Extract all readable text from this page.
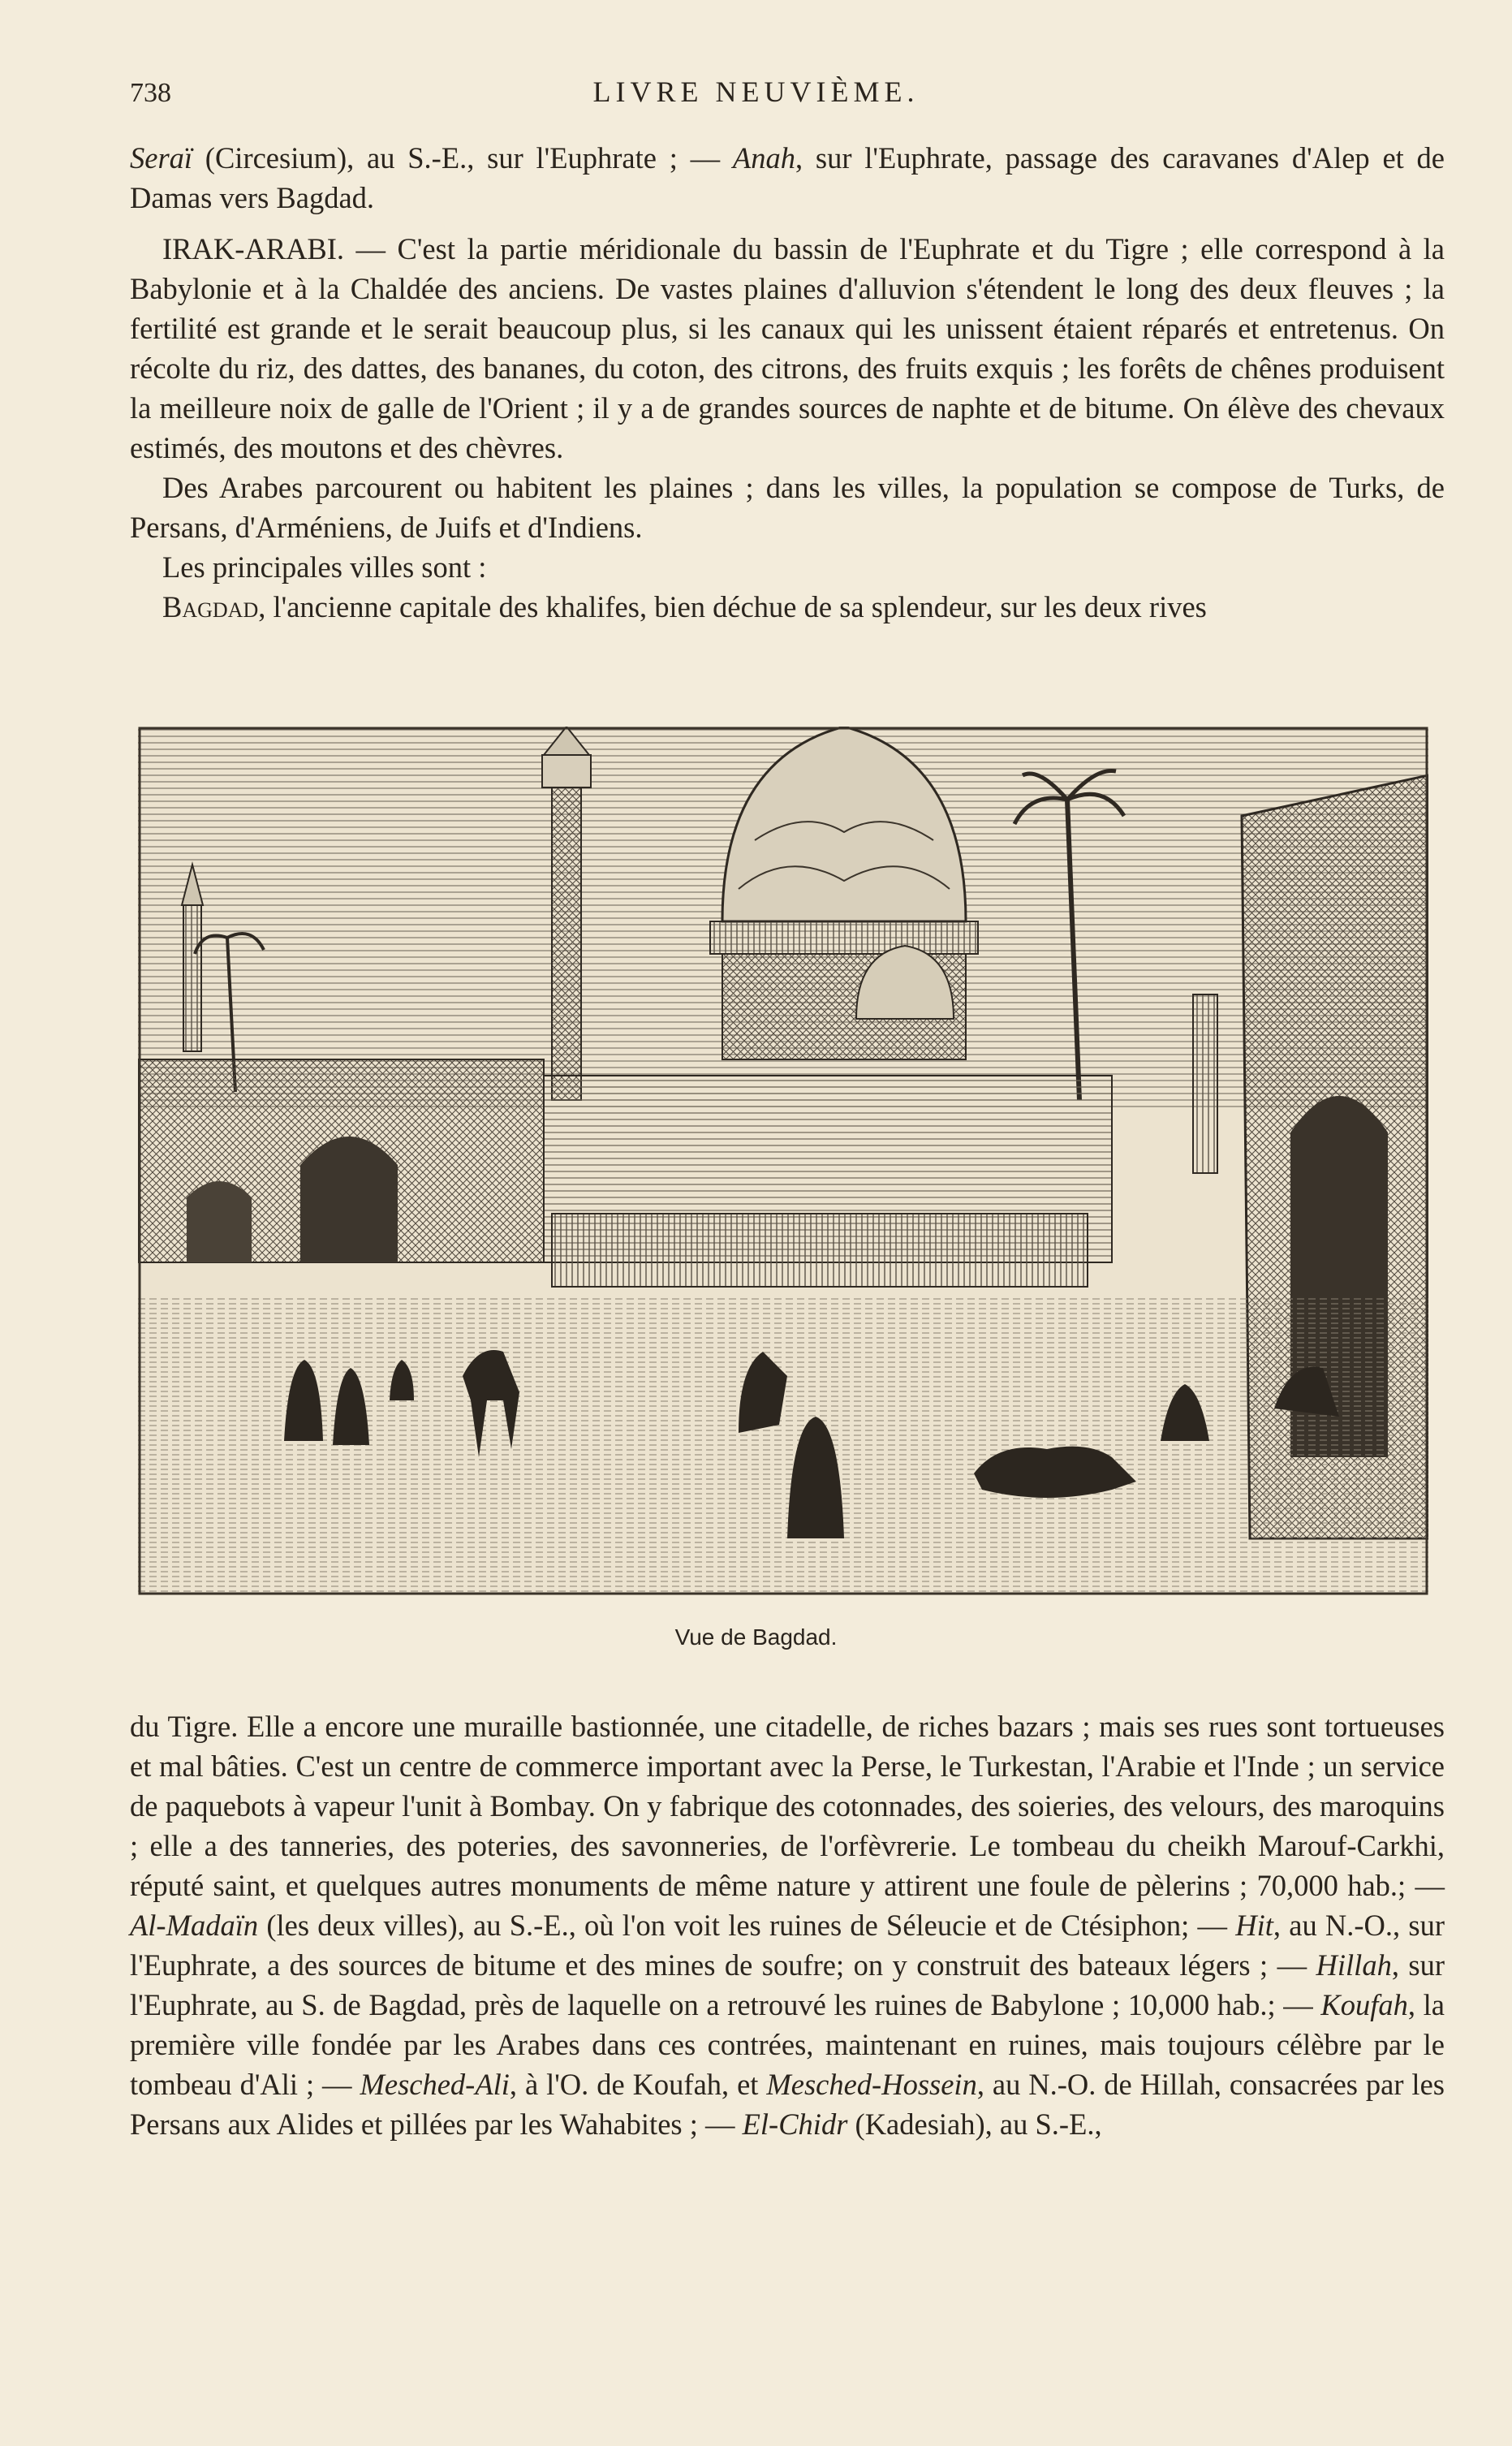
738	LIVRE NEUVIÈME.

Seraï (Circesium), au S.-E., sur l'Euphrate ; — Anah, sur l'Euphrate, passage des caravanes d'Alep et de Damas vers Bagdad.

IRAK-ARABI. — C'est la partie méridionale du bassin de l'Euphrate et du Tigre ; elle correspond à la Babylonie et à la Chaldée des anciens. De vastes plaines d'alluvion s'étendent le long des deux fleuves ; la fertilité est grande et le serait beaucoup plus, si les canaux qui les unissent étaient réparés et entretenus. On récolte du riz, des dattes, des bananes, du coton, des citrons, des fruits exquis ; les forêts de chênes produisent la meilleure noix de galle de l'Orient ; il y a de grandes sources de naphte et de bitume. On élève des chevaux estimés, des moutons et des chèvres.

Des Arabes parcourent ou habitent les plaines ; dans les villes, la population se compose de Turks, de Persans, d'Arméniens, de Juifs et d'Indiens.

Les principales villes sont :

Bagdad, l'ancienne capitale des khalifes, bien déchue de sa splendeur, sur les deux rives

Vue de Bagdad.

du Tigre. Elle a encore une muraille bastionnée, une citadelle, de riches bazars ; mais ses rues sont tortueuses et mal bâties. C'est un centre de commerce important avec la Perse, le Turkestan, l'Arabie et l'Inde ; un service de paquebots à vapeur l'unit à Bombay. On y fabrique des cotonnades, des soieries, des velours, des maroquins ; elle a des tanneries, des poteries, des savonneries, de l'orfèvrerie. Le tombeau du cheikh Marouf-Carkhi, réputé saint, et quelques autres monuments de même nature y attirent une foule de pèlerins ; 70,000 hab.; — Al-Madaïn (les deux villes), au S.-E., où l'on voit les ruines de Séleucie et de Ctésiphon; — Hit, au N.-O., sur l'Euphrate, a des sources de bitume et des mines de soufre; on y construit des bateaux légers ; — Hillah, sur l'Euphrate, au S. de Bagdad, près de laquelle on a retrouvé les ruines de Babylone ; 10,000 hab.; — Koufah, la première ville fondée par les Arabes dans ces contrées, maintenant en ruines, mais toujours célèbre par le tombeau d'Ali ; — Mesched-Ali, à l'O. de Koufah, et Mesched-Hossein, au N.-O. de Hillah, consacrées par les Persans aux Alides et pillées par les Wahabites ; — El-Chidr (Kadesiah), au S.-E.,
